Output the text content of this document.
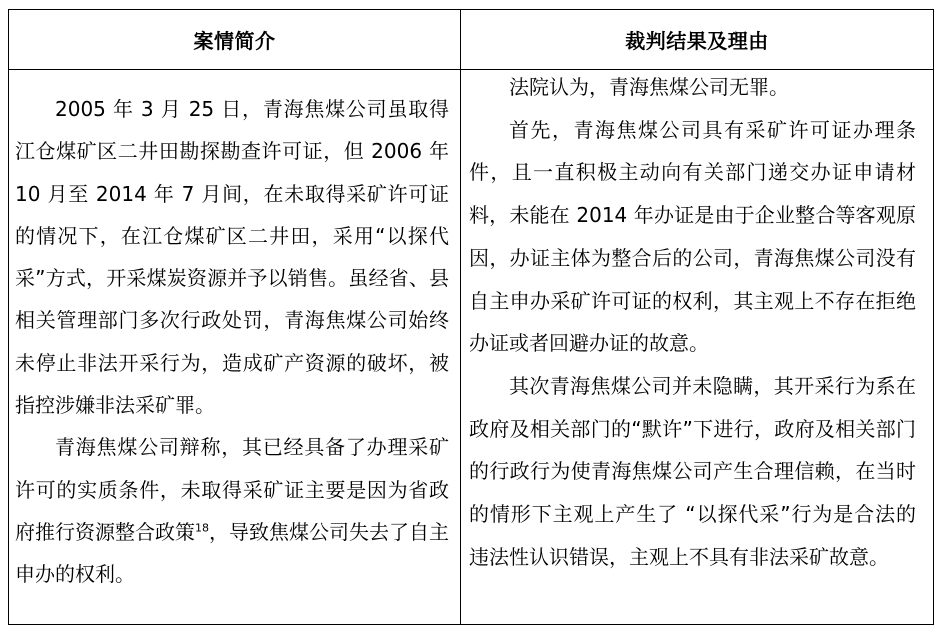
案情简介	裁判结果及理由

2005 年 3 月 25 日，青海焦煤公司虽取得江仓煤矿区二井田勘探勘查许可证，但 2006 年 10 月至 2014 年 7 月间，在未取得采矿许可证的情况下，在江仓煤矿区二井田，采用“以探代采”方式，开采煤炭资源并予以销售。虽经省、县相关管理部门多次行政处罚，青海焦煤公司始终未停止非法开采行为，造成矿产资源的破坏，被指控涉嫌非法采矿罪。

青海焦煤公司辩称，其已经具备了办理采矿许可的实质条件，未取得采矿证主要是因为省政府推行资源整合政策$^{18}$，导致焦煤公司失去了自主申办的权利。

法院认为，青海焦煤公司无罪。

首先，青海焦煤公司具有采矿许可证办理条件，且一直积极主动向有关部门递交办证申请材料，未能在 2014 年办证是由于企业整合等客观原因，办证主体为整合后的公司，青海焦煤公司没有自主申办采矿许可证的权利，其主观上不存在拒绝办证或者回避办证的故意。

其次青海焦煤公司并未隐瞒，其开采行为系在政府及相关部门的“默许”下进行，政府及相关部门的行政行为使青海焦煤公司产生合理信赖，在当时的情形下主观上产生了 “以探代采”行为是合法的违法性认识错误，主观上不具有非法采矿故意。
